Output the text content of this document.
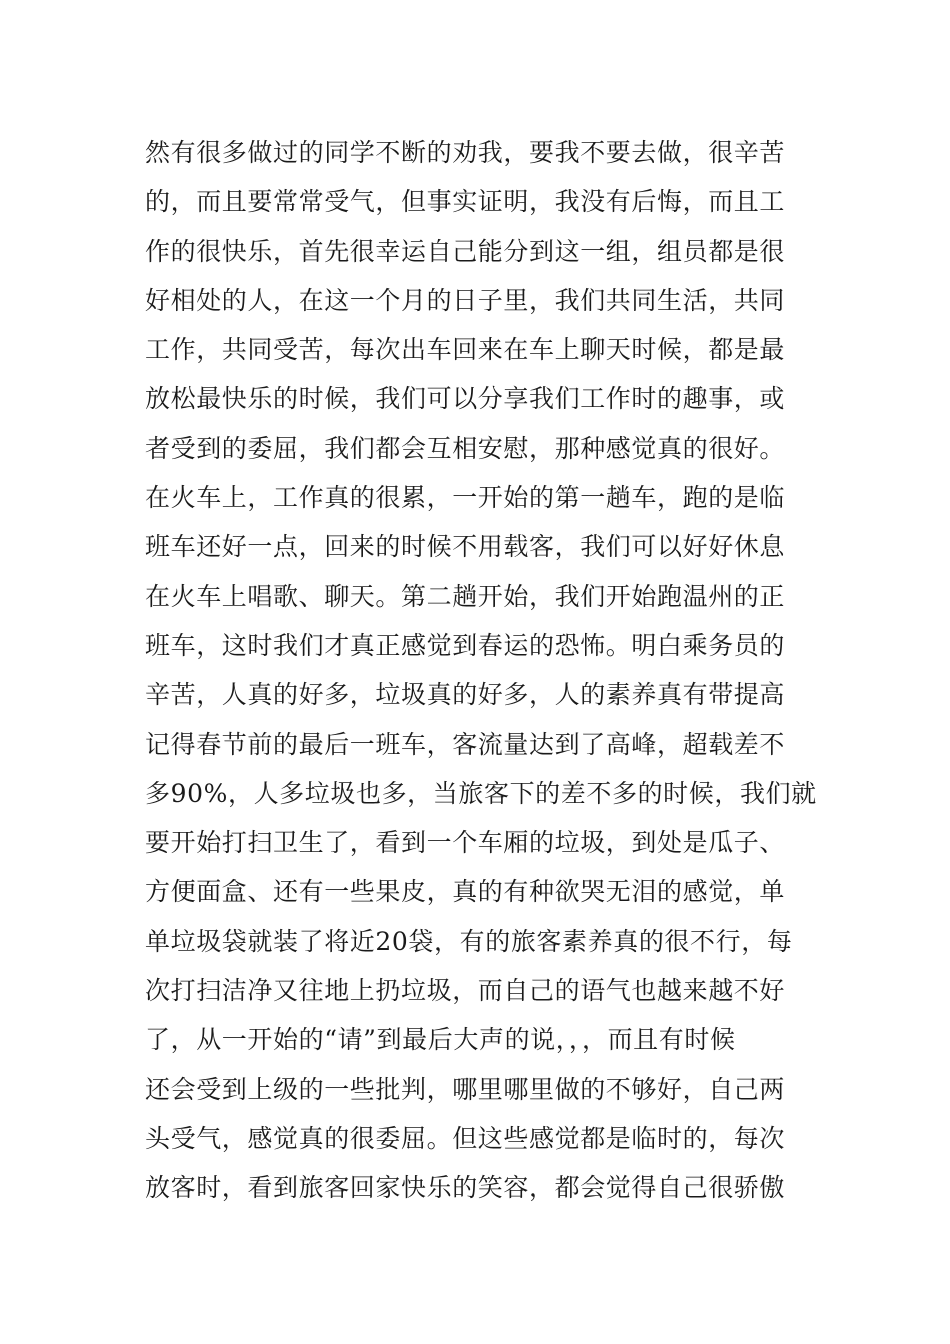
然有很多做过的同学不断的劝我，要我不要去做，很辛苦
的，而且要常常受气，但事实证明，我没有后悔，而且工
作的很快乐，首先很幸运自己能分到这一组，组员都是很
好相处的人，在这一个月的日子里，我们共同生活，共同
工作，共同受苦，每次出车回来在车上聊天时候，都是最
放松最快乐的时候，我们可以分享我们工作时的趣事，或
者受到的委屈，我们都会互相安慰，那种感觉真的很好。
在火车上，工作真的很累，一开始的第一趟车，跑的是临
班车还好一点，回来的时候不用载客，我们可以好好休息
在火车上唱歌、聊天。第二趟开始，我们开始跑温州的正
班车，这时我们才真正感觉到春运的恐怖。明白乘务员的
辛苦，人真的好多，垃圾真的好多，人的素养真有带提高
记得春节前的最后一班车，客流量达到了高峰，超载差不
多90%，人多垃圾也多，当旅客下的差不多的时候，我们就
要开始打扫卫生了，看到一个车厢的垃圾，到处是瓜子、
方便面盒、还有一些果皮，真的有种欲哭无泪的感觉，单
单垃圾袋就装了将近20袋，有的旅客素养真的很不行，每
次打扫洁净又往地上扔垃圾，而自己的语气也越来越不好
了，从一开始的“请”到最后大声的说，，，而且有时候
还会受到上级的一些批判，哪里哪里做的不够好，自己两
头受气，感觉真的很委屈。但这些感觉都是临时的，每次
放客时，看到旅客回家快乐的笑容，都会觉得自己很骄傲
